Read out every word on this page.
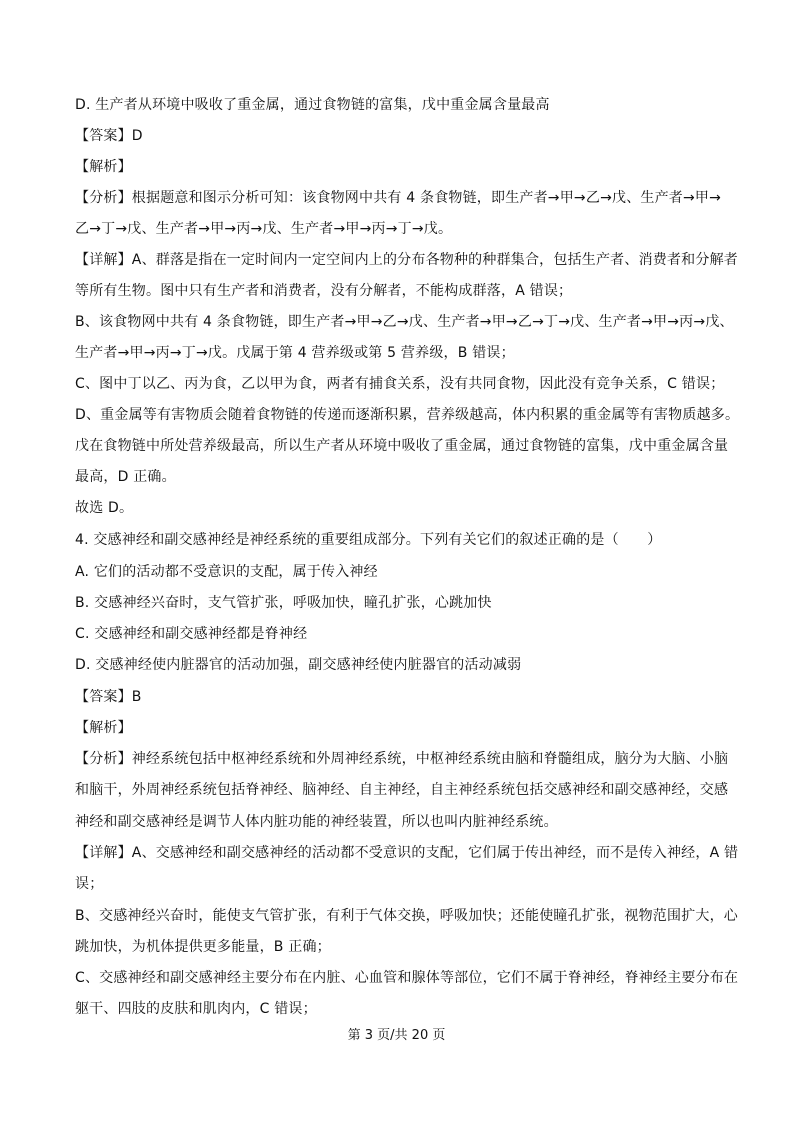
D. 生产者从环境中吸收了重金属，通过食物链的富集，戊中重金属含量最高
【答案】D
【解析】
【分析】根据题意和图示分析可知：该食物网中共有 4 条食物链，即生产者→甲→乙→戊、生产者→甲→
乙→丁→戊、生产者→甲→丙→戊、生产者→甲→丙→丁→戊。
【详解】A、群落是指在一定时间内一定空间内上的分布各物种的种群集合，包括生产者、消费者和分解者
等所有生物。图中只有生产者和消费者，没有分解者，不能构成群落，A 错误；
B、该食物网中共有 4 条食物链，即生产者→甲→乙→戊、生产者→甲→乙→丁→戊、生产者→甲→丙→戊、
生产者→甲→丙→丁→戊。戊属于第 4 营养级或第 5 营养级，B 错误；
C、图中丁以乙、丙为食，乙以甲为食，两者有捕食关系，没有共同食物，因此没有竞争关系，C 错误；
D、重金属等有害物质会随着食物链的传递而逐渐积累，营养级越高，体内积累的重金属等有害物质越多。
戊在食物链中所处营养级最高，所以生产者从环境中吸收了重金属，通过食物链的富集，戊中重金属含量
最高，D 正确。
故选 D。
4. 交感神经和副交感神经是神经系统的重要组成部分。下列有关它们的叙述正确的是（　　）
A. 它们的活动都不受意识的支配，属于传入神经
B. 交感神经兴奋时，支气管扩张，呼吸加快，瞳孔扩张，心跳加快
C. 交感神经和副交感神经都是脊神经
D. 交感神经使内脏器官的活动加强，副交感神经使内脏器官的活动减弱
【答案】B
【解析】
【分析】神经系统包括中枢神经系统和外周神经系统，中枢神经系统由脑和脊髓组成，脑分为大脑、小脑
和脑干，外周神经系统包括脊神经、脑神经、自主神经，自主神经系统包括交感神经和副交感神经，交感
神经和副交感神经是调节人体内脏功能的神经装置，所以也叫内脏神经系统。
【详解】A、交感神经和副交感神经的活动都不受意识的支配，它们属于传出神经，而不是传入神经，A 错
误；
B、交感神经兴奋时，能使支气管扩张，有利于气体交换，呼吸加快；还能使瞳孔扩张，视物范围扩大，心
跳加快，为机体提供更多能量，B 正确；
C、交感神经和副交感神经主要分布在内脏、心血管和腺体等部位，它们不属于脊神经，脊神经主要分布在
躯干、四肢的皮肤和肌肉内，C 错误；
第 3 页/共 20 页
